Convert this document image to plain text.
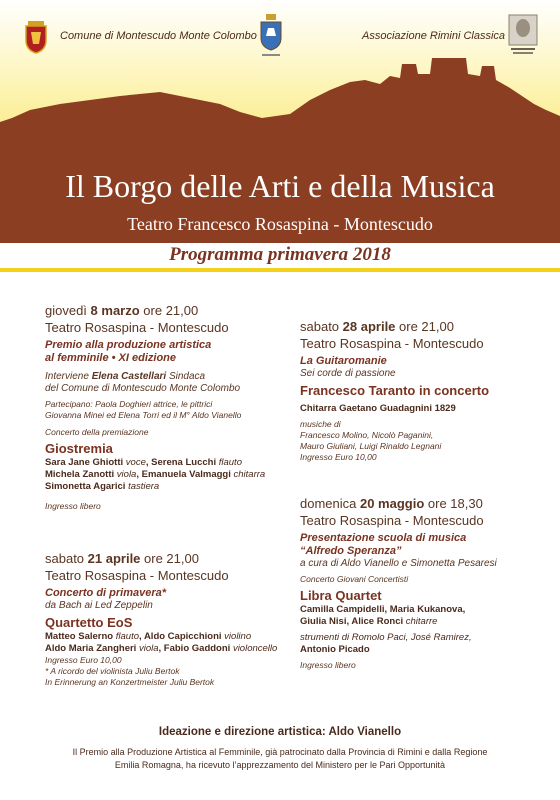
Comune di Montescudo Monte Colombo	Associazione Rimini Classica
Il Borgo delle Arti e della Musica
Teatro Francesco Rosaspina - Montescudo
Programma primavera 2018
giovedì 8 marzo ore 21,00
Teatro Rosaspina - Montescudo
Premio alla produzione artistica
al femminile • XI edizione
Interviene Elena Castellari Sindaca
del Comune di Montescudo Monte Colombo
Partecipano: Paola Doghieri attrice, le pittrici
Giovanna Minei ed Elena Torri ed il M° Aldo Vianello
Concerto della premiazione
Giostremia
Sara Jane Ghiotti voce, Serena Lucchi flauto
Michela Zanotti viola, Emanuela Valmaggi chitarra
Simonetta Agarici tastiera
Ingresso libero
sabato 28 aprile ore 21,00
Teatro Rosaspina - Montescudo
La Guitaromanie
Sei corde di passione
Francesco Taranto in concerto
Chitarra Gaetano Guadagnini 1829
musiche di
Francesco Molino, Nicolò Paganini,
Mauro Giuliani, Luigi Rinaldo Legnani
Ingresso Euro 10,00
domenica 20 maggio ore 18,30
Teatro Rosaspina - Montescudo
Presentazione scuola di musica
“Alfredo Speranza”
a cura di Aldo Vianello e Simonetta Pesaresi
Concerto Giovani Concertisti
Libra Quartet
Camilla Campidelli, Maria Kukanova,
Giulia Nisi, Alice Ronci chitarre
strumenti di Romolo Paci, José Ramirez,
Antonio Picado
Ingresso libero
sabato 21 aprile ore 21,00
Teatro Rosaspina - Montescudo
Concerto di primavera*
da Bach ai Led Zeppelin
Quartetto EoS
Matteo Salerno flauto, Aldo Capicchioni violino
Aldo Maria Zangheri viola, Fabio Gaddoni violoncello
Ingresso Euro 10,00
* A ricordo del violinista Juliu Bertok
In Erinnerung an Konzertmeister Juliu Bertok
Ideazione e direzione artistica: Aldo Vianello
Il Premio alla Produzione Artistica al Femminile, già patrocinato dalla Provincia di Rimini e dalla Regione
Emilia Romagna, ha ricevuto l’apprezzamento del Ministero per le Pari Opportunità
